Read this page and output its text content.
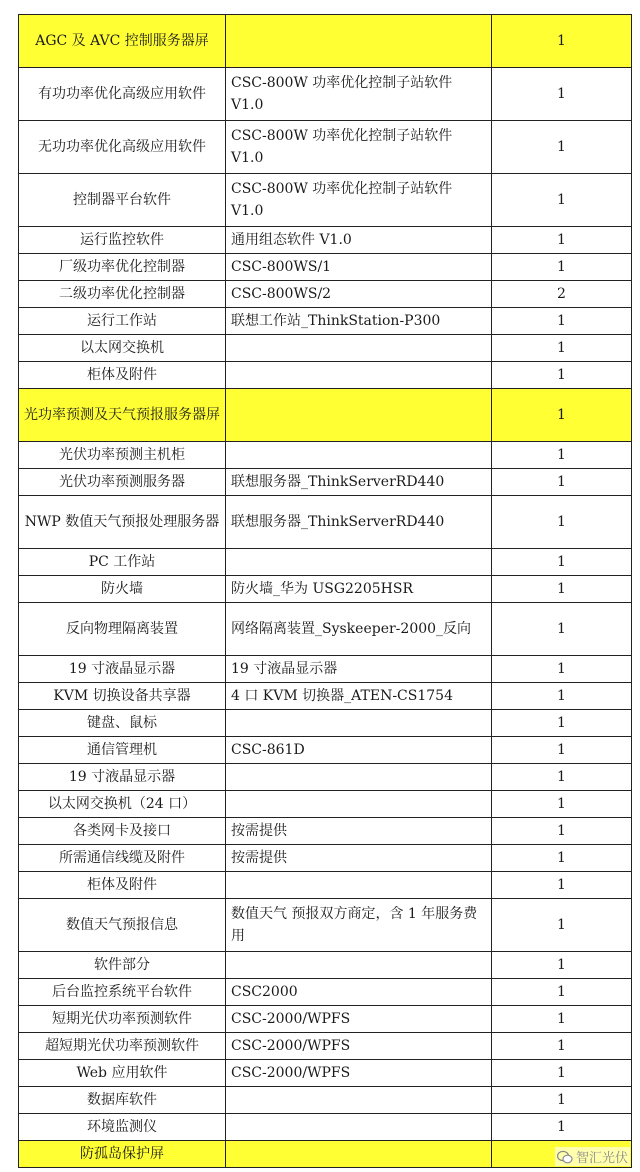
AGC 及 AVC 控制服务器屏		1
有功功率优化高级应用软件	CSC-800W 功率优化控制子站软件 V1.0	1
无功功率优化高级应用软件	CSC-800W 功率优化控制子站软件 V1.0	1
控制器平台软件	CSC-800W 功率优化控制子站软件 V1.0	1
运行监控软件	通用组态软件 V1.0	1
厂级功率优化控制器	CSC-800WS/1	1
二级功率优化控制器	CSC-800WS/2	2
运行工作站	联想工作站_ThinkStation-P300	1
以太网交换机		1
柜体及附件		1
光功率预测及天气预报服务器屏		1
光伏功率预测主机柜		1
光伏功率预测服务器	联想服务器_ThinkServerRD440	1
NWP 数值天气预报处理服务器	联想服务器_ThinkServerRD440	1
PC 工作站		1
防火墙	防火墙_华为 USG2205HSR	1
反向物理隔离装置	网络隔离装置_Syskeeper-2000_反向	1
19 寸液晶显示器	19 寸液晶显示器	1
KVM 切换设备共享器	4 口 KVM 切换器_ATEN-CS1754	1
键盘、鼠标		1
通信管理机	CSC-861D	1
19 寸液晶显示器		1
以太网交换机（24 口）		1
各类网卡及接口	按需提供	1
所需通信线缆及附件	按需提供	1
柜体及附件		1
数值天气预报信息	数值天气 预报双方商定，含 1 年服务费用	1
软件部分		1
后台监控系统平台软件	CSC2000	1
短期光伏功率预测软件	CSC-2000/WPFS	1
超短期光伏功率预测软件	CSC-2000/WPFS	1
Web 应用软件	CSC-2000/WPFS	1
数据库软件		1
环境监测仪		1
防孤岛保护屏			智汇光伏
